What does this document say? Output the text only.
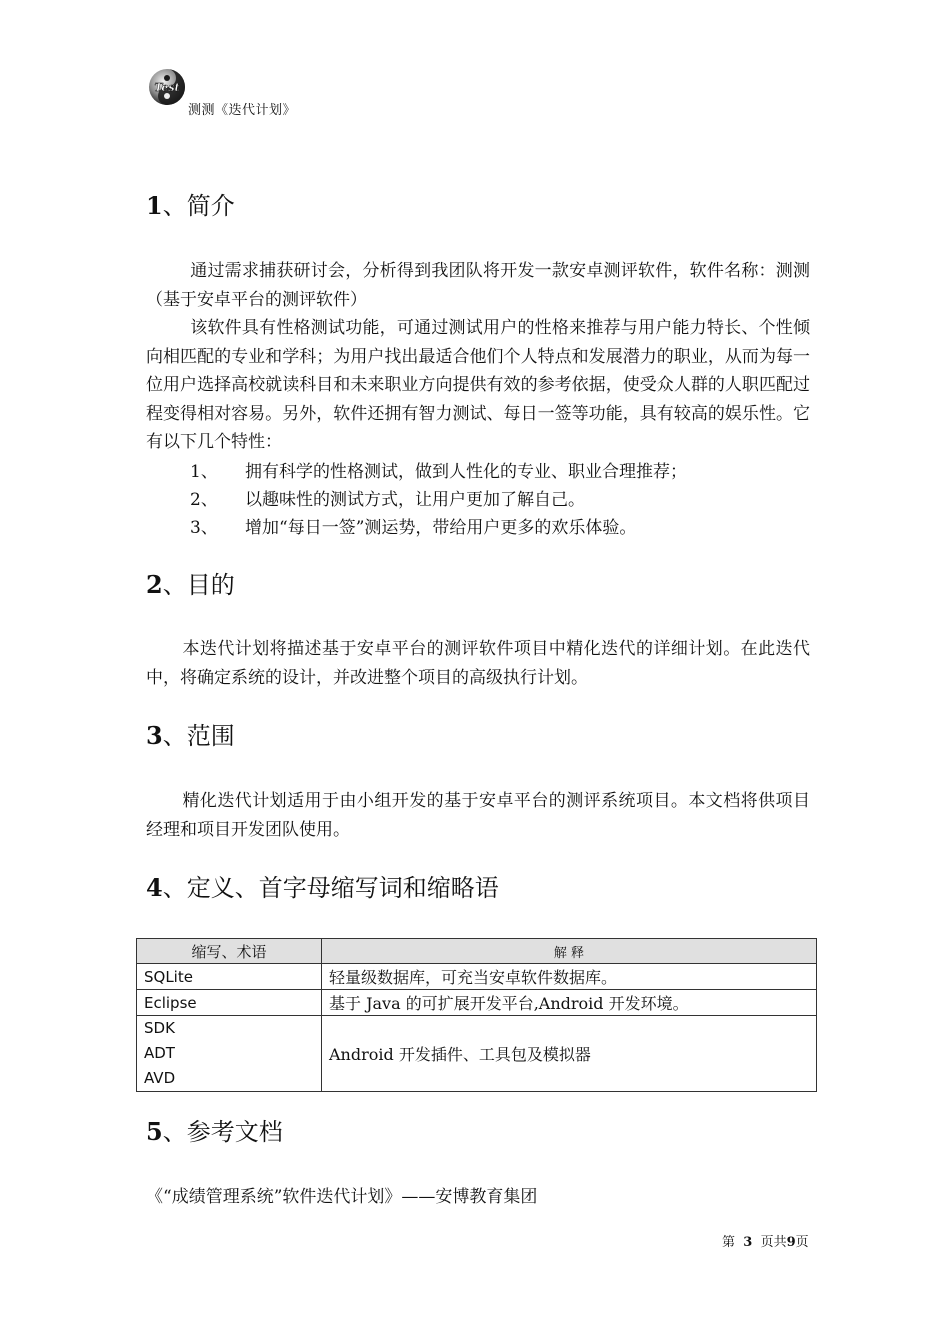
Test
测测《迭代计划》
1、简介

通过需求捕获研讨会，分析得到我团队将开发一款安卓测评软件，软件名称：测测（基于安卓平台的测评软件）

该软件具有性格测试功能，可通过测试用户的性格来推荐与用户能力特长、个性倾向相匹配的专业和学科；为用户找出最适合他们个人特点和发展潜力的职业，从而为每一位用户选择高校就读科目和未来职业方向提供有效的参考依据，使受众人群的人职匹配过程变得相对容易。另外，软件还拥有智力测试、每日一签等功能，具有较高的娱乐性。它有以下几个特性：

1、 拥有科学的性格测试，做到人性化的专业、职业合理推荐；
2、 以趣味性的测试方式，让用户更加了解自己。
3、 增加“每日一签”测运势，带给用户更多的欢乐体验。
2、目的

本迭代计划将描述基于安卓平台的测评软件项目中精化迭代的详细计划。在此迭代中，将确定系统的设计，并改进整个项目的高级执行计划。

3、范围

精化迭代计划适用于由小组开发的基于安卓平台的测评系统项目。本文档将供项目经理和项目开发团队使用。

4、定义、首字母缩写词和缩略语
缩写、术语	解 释
SQLite	轻量级数据库，可充当安卓软件数据库。
Eclipse	基于 Java 的可扩展开发平台,Android 开发环境。

SDK
ADT
AVD	Android 开发插件、工具包及模拟器
5、参考文档
《“成绩管理系统”软件迭代计划》——安博教育集团
第 3 页共9页
